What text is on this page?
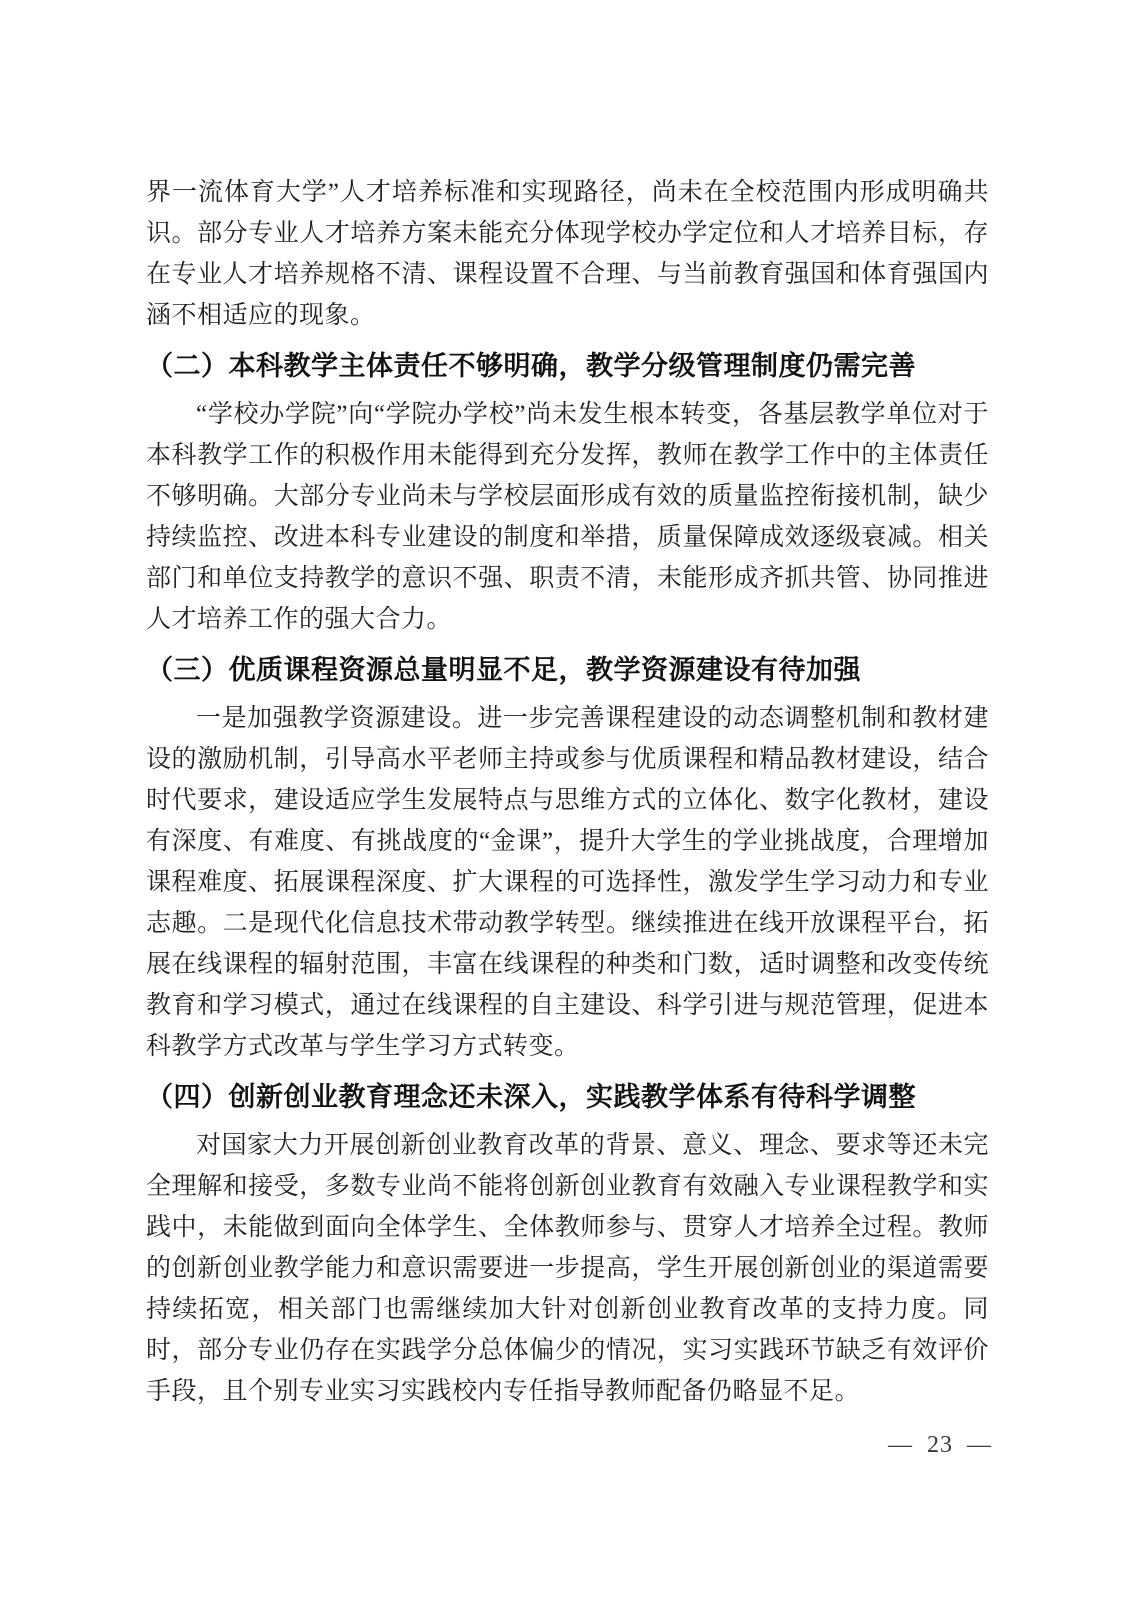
界一流体育大学”人才培养标准和实现路径，尚未在全校范围内形成明确共识。部分专业人才培养方案未能充分体现学校办学定位和人才培养目标，存在专业人才培养规格不清、课程设置不合理、与当前教育强国和体育强国内涵不相适应的现象。

（二）本科教学主体责任不够明确，教学分级管理制度仍需完善

“学校办学院”向“学院办学校”尚未发生根本转变，各基层教学单位对于本科教学工作的积极作用未能得到充分发挥，教师在教学工作中的主体责任不够明确。大部分专业尚未与学校层面形成有效的质量监控衔接机制，缺少持续监控、改进本科专业建设的制度和举措，质量保障成效逐级衰减。相关部门和单位支持教学的意识不强、职责不清，未能形成齐抓共管、协同推进人才培养工作的强大合力。

（三）优质课程资源总量明显不足，教学资源建设有待加强

一是加强教学资源建设。进一步完善课程建设的动态调整机制和教材建设的激励机制，引导高水平老师主持或参与优质课程和精品教材建设，结合时代要求，建设适应学生发展特点与思维方式的立体化、数字化教材，建设有深度、有难度、有挑战度的“金课”，提升大学生的学业挑战度，合理增加课程难度、拓展课程深度、扩大课程的可选择性，激发学生学习动力和专业志趣。二是现代化信息技术带动教学转型。继续推进在线开放课程平台，拓展在线课程的辐射范围，丰富在线课程的种类和门数，适时调整和改变传统教育和学习模式，通过在线课程的自主建设、科学引进与规范管理，促进本科教学方式改革与学生学习方式转变。

（四）创新创业教育理念还未深入，实践教学体系有待科学调整

对国家大力开展创新创业教育改革的背景、意义、理念、要求等还未完全理解和接受，多数专业尚不能将创新创业教育有效融入专业课程教学和实践中，未能做到面向全体学生、全体教师参与、贯穿人才培养全过程。教师的创新创业教学能力和意识需要进一步提高，学生开展创新创业的渠道需要持续拓宽，相关部门也需继续加大针对创新创业教育改革的支持力度。同时，部分专业仍存在实践学分总体偏少的情况，实习实践环节缺乏有效评价手段，且个别专业实习实践校内专任指导教师配备仍略显不足。

— 23 —
